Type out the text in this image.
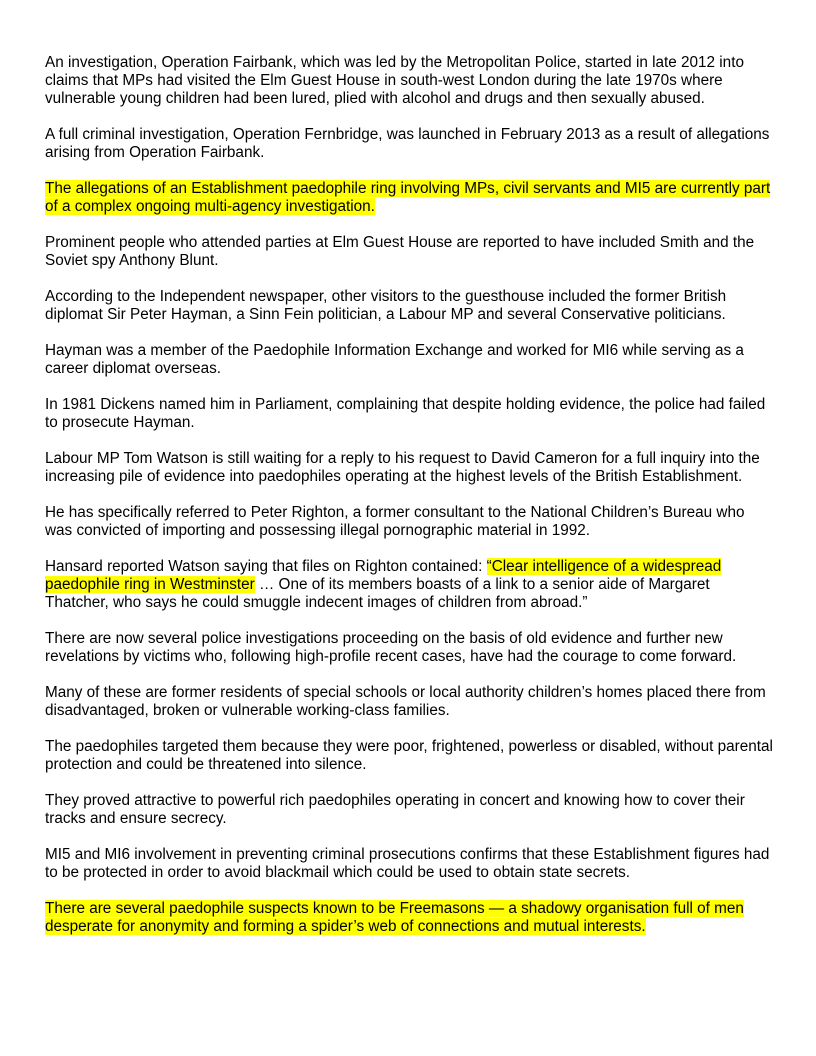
An investigation, Operation Fairbank, which was led by the Metropolitan Police, started in late 2012 into claims that MPs had visited the Elm Guest House in south-west London during the late 1970s where vulnerable young children had been lured, plied with alcohol and drugs and then sexually abused.

A full criminal investigation, Operation Fernbridge, was launched in February 2013 as a result of allegations arising from Operation Fairbank.

The allegations of an Establishment paedophile ring involving MPs, civil servants and MI5 are currently part of a complex ongoing multi-agency investigation.

Prominent people who attended parties at Elm Guest House are reported to have included Smith and the Soviet spy Anthony Blunt.

According to the Independent newspaper, other visitors to the guesthouse included the former British diplomat Sir Peter Hayman, a Sinn Fein politician, a Labour MP and several Conservative politicians.

Hayman was a member of the Paedophile Information Exchange and worked for MI6 while serving as a career diplomat overseas.

In 1981 Dickens named him in Parliament, complaining that despite holding evidence, the police had failed to prosecute Hayman.

Labour MP Tom Watson is still waiting for a reply to his request to David Cameron for a full inquiry into the increasing pile of evidence into paedophiles operating at the highest levels of the British Establishment.

He has specifically referred to Peter Righton, a former consultant to the National Children’s Bureau who was convicted of importing and possessing illegal pornographic material in 1992.

Hansard reported Watson saying that files on Righton contained: “Clear intelligence of a widespread paedophile ring in Westminster … One of its members boasts of a link to a senior aide of Margaret Thatcher, who says he could smuggle indecent images of children from abroad.”

There are now several police investigations proceeding on the basis of old evidence and further new revelations by victims who, following high-profile recent cases, have had the courage to come forward.

Many of these are former residents of special schools or local authority children’s homes placed there from disadvantaged, broken or vulnerable working-class families.

The paedophiles targeted them because they were poor, frightened, powerless or disabled, without parental protection and could be threatened into silence.

They proved attractive to powerful rich paedophiles operating in concert and knowing how to cover their tracks and ensure secrecy.

MI5 and MI6 involvement in preventing criminal prosecutions confirms that these Establishment figures had to be protected in order to avoid blackmail which could be used to obtain state secrets.

There are several paedophile suspects known to be Freemasons — a shadowy organisation full of men desperate for anonymity and forming a spider’s web of connections and mutual interests.
